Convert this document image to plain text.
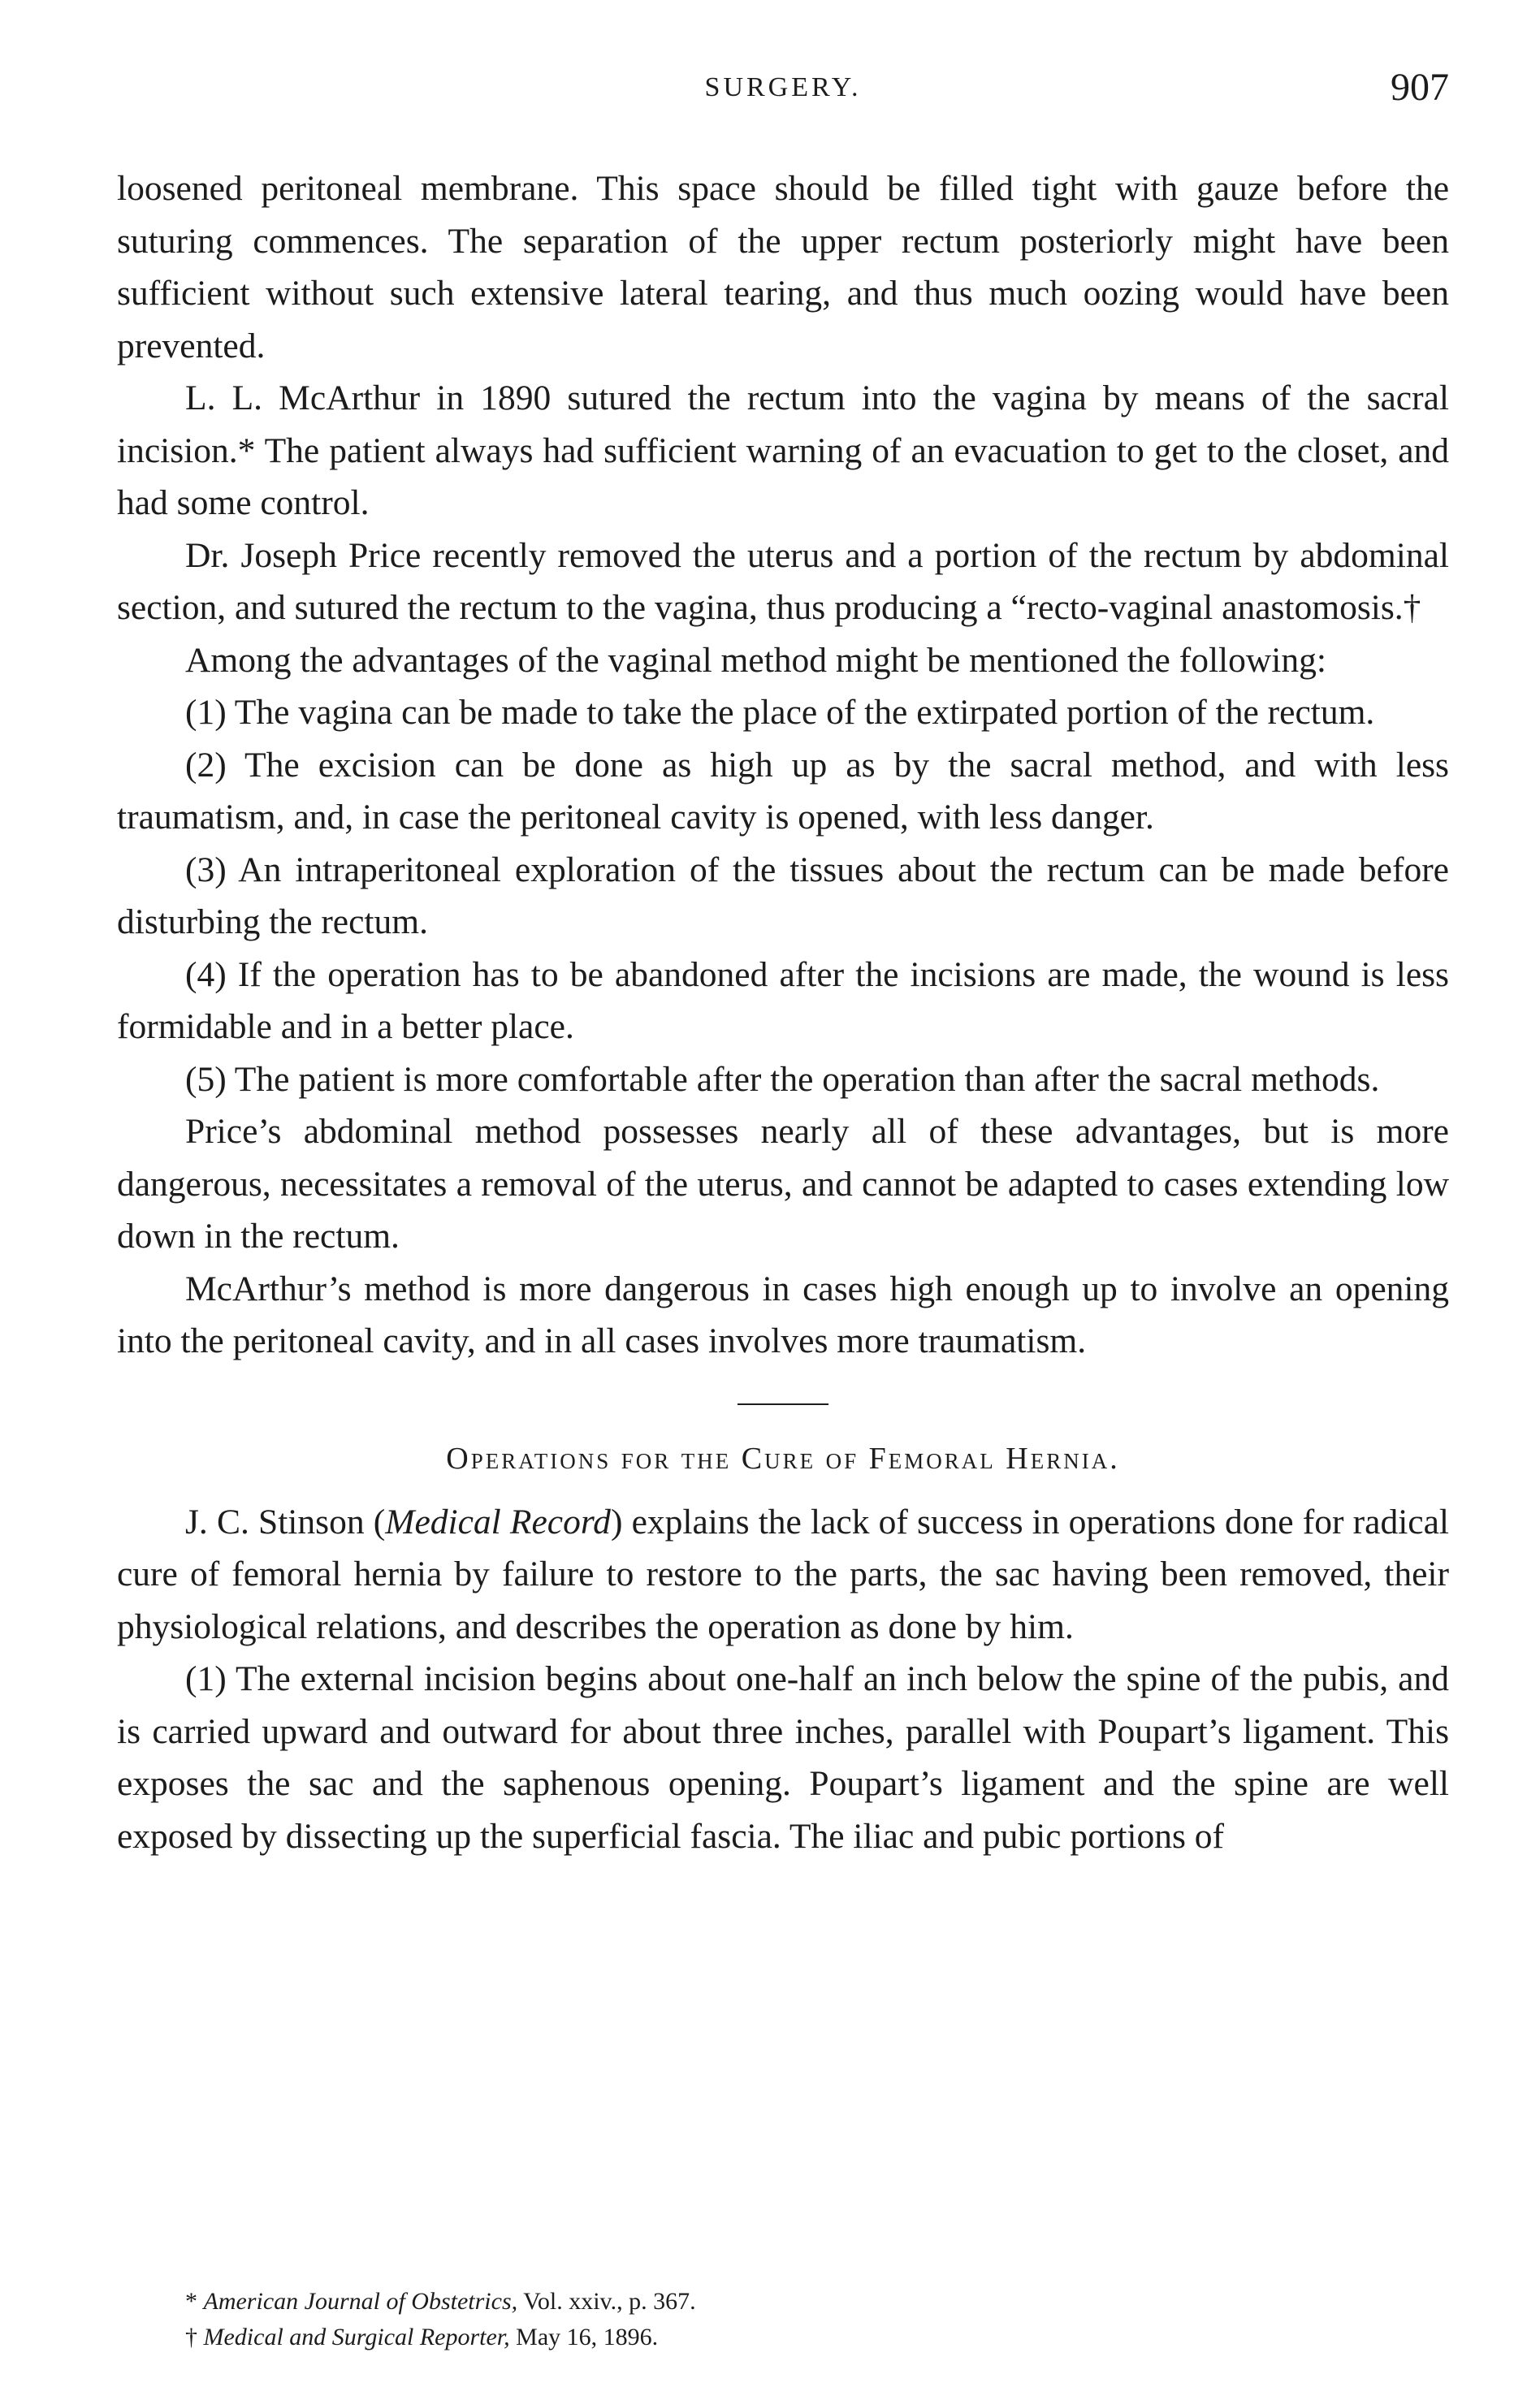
SURGERY.	907

loosened peritoneal membrane. This space should be filled tight with gauze before the suturing commences. The separation of the upper rectum posteriorly might have been sufficient without such extensive lateral tearing, and thus much oozing would have been prevented.

L. L. McArthur in 1890 sutured the rectum into the vagina by means of the sacral incision.* The patient always had sufficient warning of an evacuation to get to the closet, and had some control.

Dr. Joseph Price recently removed the uterus and a portion of the rectum by abdominal section, and sutured the rectum to the vagina, thus producing a “recto-vaginal anastomosis.†

Among the advantages of the vaginal method might be mentioned the following:

(1) The vagina can be made to take the place of the extirpated portion of the rectum.

(2) The excision can be done as high up as by the sacral method, and with less traumatism, and, in case the peritoneal cavity is opened, with less danger.

(3) An intraperitoneal exploration of the tissues about the rectum can be made before disturbing the rectum.

(4) If the operation has to be abandoned after the incisions are made, the wound is less formidable and in a better place.

(5) The patient is more comfortable after the operation than after the sacral methods.

Price’s abdominal method possesses nearly all of these advantages, but is more dangerous, necessitates a removal of the uterus, and cannot be adapted to cases extending low down in the rectum.

McArthur’s method is more dangerous in cases high enough up to involve an opening into the peritoneal cavity, and in all cases involves more traumatism.

Operations for the Cure of Femoral Hernia.

J. C. Stinson (Medical Record) explains the lack of success in operations done for radical cure of femoral hernia by failure to restore to the parts, the sac having been removed, their physiological relations, and describes the operation as done by him.

(1) The external incision begins about one-half an inch below the spine of the pubis, and is carried upward and outward for about three inches, parallel with Poupart’s ligament. This exposes the sac and the saphenous opening. Poupart’s ligament and the spine are well exposed by dissecting up the superficial fascia. The iliac and pubic portions of

* American Journal of Obstetrics, Vol. xxiv., p. 367.
† Medical and Surgical Reporter, May 16, 1896.
